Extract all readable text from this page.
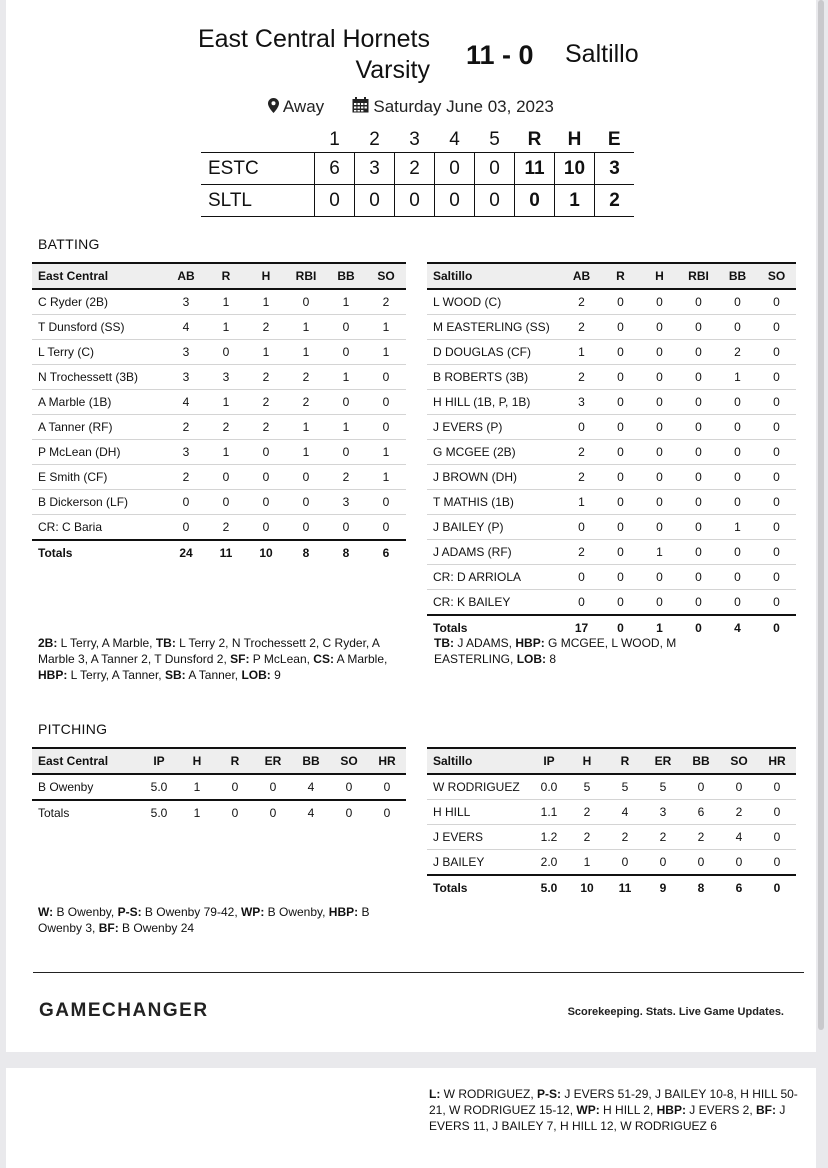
East Central Hornets
Varsity 11 - 0 Saltillo
Away	Saturday June 03, 2023
	1	2	3	4	5	R	H	E
ESTC	6	3	2	0	0	11	10	3
SLTL	0	0	0	0	0	0	1	2
BATTING
East Central	AB	R	H	RBI	BB	SO
C Ryder (2B)	3	1	1	0	1	2
T Dunsford (SS)	4	1	2	1	0	1
L Terry (C)	3	0	1	1	0	1
N Trochessett (3B)	3	3	2	2	1	0
A Marble (1B)	4	1	2	2	0	0
A Tanner (RF)	2	2	2	1	1	0
P McLean (DH)	3	1	0	1	0	1
E Smith (CF)	2	0	0	0	2	1
B Dickerson (LF)	0	0	0	0	3	0
CR: C Baria	0	2	0	0	0	0
Totals	24	11	10	8	8	6
Saltillo	AB	R	H	RBI	BB	SO
L WOOD (C)	2	0	0	0	0	0
M EASTERLING (SS)	2	0	0	0	0	0
D DOUGLAS (CF)	1	0	0	0	2	0
B ROBERTS (3B)	2	0	0	0	1	0
H HILL (1B, P, 1B)	3	0	0	0	0	0
J EVERS (P)	0	0	0	0	0	0
G MCGEE (2B)	2	0	0	0	0	0
J BROWN (DH)	2	0	0	0	0	0
T MATHIS (1B)	1	0	0	0	0	0
J BAILEY (P)	0	0	0	0	1	0
J ADAMS (RF)	2	0	1	0	0	0
CR: D ARRIOLA	0	0	0	0	0	0
CR: K BAILEY	0	0	0	0	0	0
Totals	17	0	1	0	4	0
2B: L Terry, A Marble, TB: L Terry 2, N Trochessett 2, C Ryder, A Marble 3, A Tanner 2, T Dunsford 2, SF: P McLean, CS: A Marble, HBP: L Terry, A Tanner, SB: A Tanner, LOB: 9
TB: J ADAMS, HBP: G MCGEE, L WOOD, M EASTERLING, LOB: 8
PITCHING
East Central	IP	H	R	ER	BB	SO	HR
B Owenby	5.0	1	0	0	4	0	0
Totals	5.0	1	0	0	4	0	0
Saltillo	IP	H	R	ER	BB	SO	HR
W RODRIGUEZ	0.0	5	5	5	0	0	0
H HILL	1.1	2	4	3	6	2	0
J EVERS	1.2	2	2	2	2	4	0
J BAILEY	2.0	1	0	0	0	0	0
Totals	5.0	10	11	9	8	6	0
W: B Owenby, P-S: B Owenby 79-42, WP: B Owenby, HBP: B Owenby 3, BF: B Owenby 24
GAMECHANGER	Scorekeeping. Stats. Live Game Updates.
L: W RODRIGUEZ, P-S: J EVERS 51-29, J BAILEY 10-8, H HILL 50-21, W RODRIGUEZ 15-12, WP: H HILL 2, HBP: J EVERS 2, BF: J EVERS 11, J BAILEY 7, H HILL 12, W RODRIGUEZ 6
